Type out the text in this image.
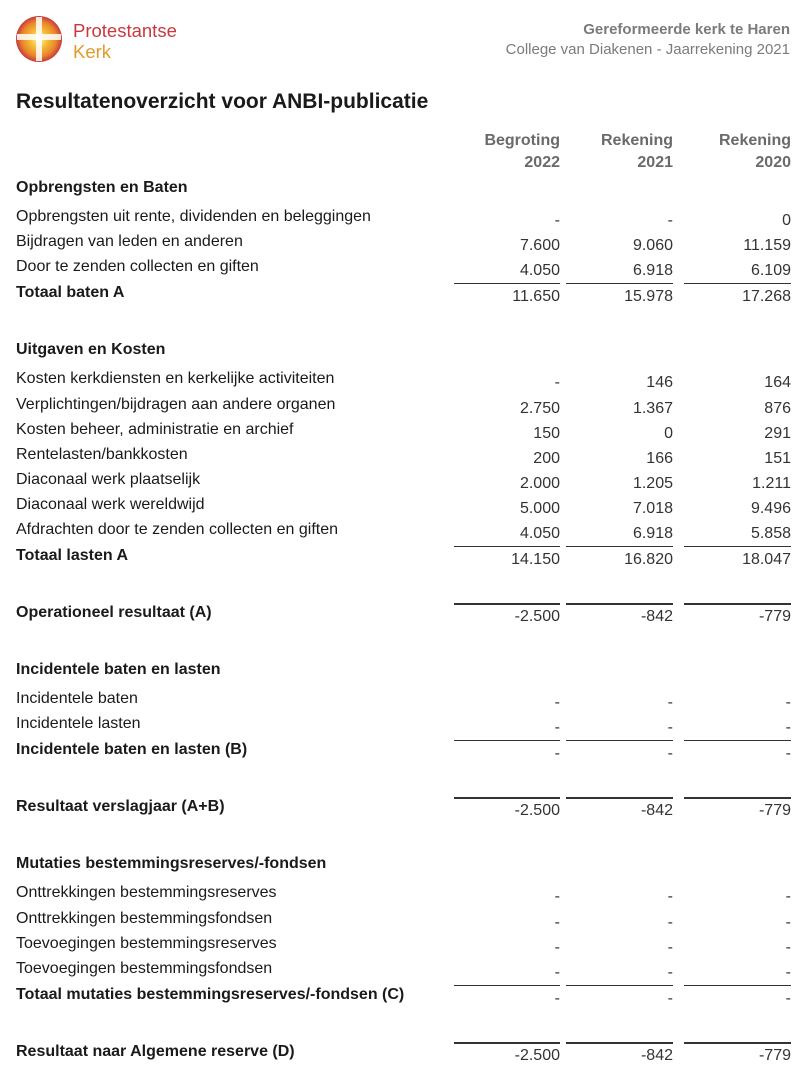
Protestantse
Kerk
Gereformeerde kerk te Haren
College van Diakenen - Jaarrekening 2021
Resultatenoverzicht voor ANBI-publicatie
Begroting
2022
Rekening
2021
Rekening
2020
Opbrengsten en Baten
Opbrengsten uit rente, dividenden en beleggingen	-	-	0
Bijdragen van leden en anderen	7.600	9.060	11.159
Door te zenden collecten en giften	4.050	6.918	6.109
Totaal baten A	11.650	15.978	17.268
Uitgaven en Kosten
Kosten kerkdiensten en kerkelijke activiteiten	-	146	164
Verplichtingen/bijdragen aan andere organen	2.750	1.367	876
Kosten beheer, administratie en archief	150	0	291
Rentelasten/bankkosten	200	166	151
Diaconaal werk plaatselijk	2.000	1.205	1.211
Diaconaal werk wereldwijd	5.000	7.018	9.496
Afdrachten door te zenden collecten en giften	4.050	6.918	5.858
Totaal lasten A	14.150	16.820	18.047
Operationeel resultaat (A)	-2.500	-842	-779
Incidentele baten en lasten
Incidentele baten	-	-	-
Incidentele lasten	-	-	-
Incidentele baten en lasten (B)	-	-	-
Resultaat verslagjaar (A+B)	-2.500	-842	-779
Mutaties bestemmingsreserves/-fondsen
Onttrekkingen bestemmingsreserves	-	-	-
Onttrekkingen bestemmingsfondsen	-	-	-
Toevoegingen bestemmingsreserves	-	-	-
Toevoegingen bestemmingsfondsen	-	-	-
Totaal mutaties bestemmingsreserves/-fondsen (C)	-	-	-
Resultaat naar Algemene reserve (D)	-2.500	-842	-779
